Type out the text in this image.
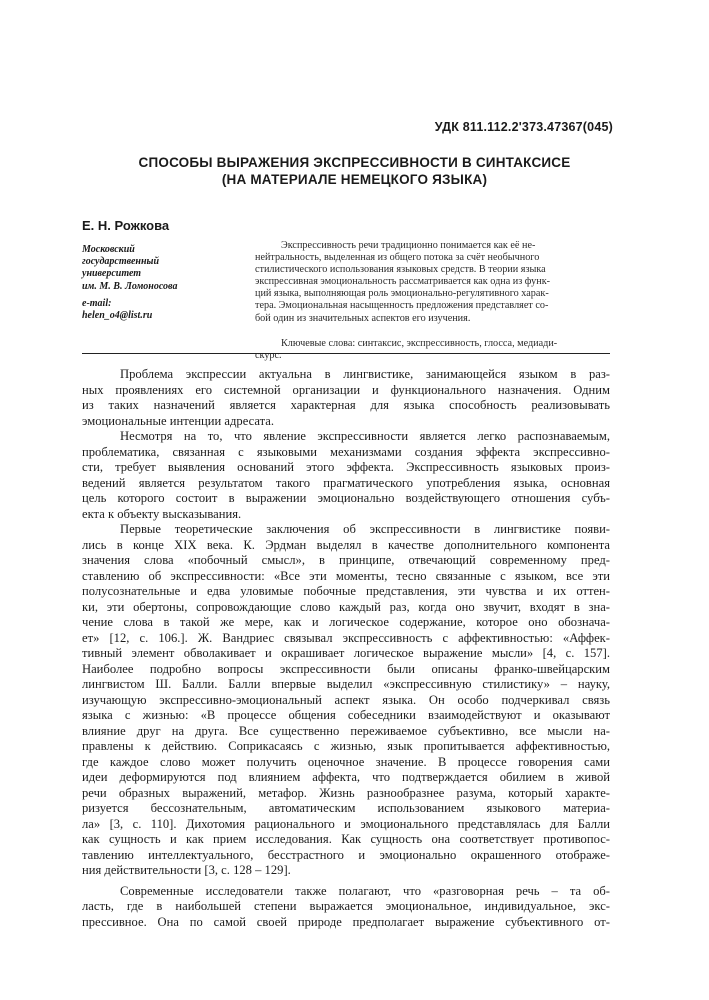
УДК 811.112.2'373.47367(045)
СПОСОБЫ ВЫРАЖЕНИЯ ЭКСПРЕССИВНОСТИ В СИНТАКСИСЕ
(НА МАТЕРИАЛЕ НЕМЕЦКОГО ЯЗЫКА)
Е. Н. Рожкова
Московский
государственный
университет
им. М. В. Ломоносова
e-mail:
helen_o4@list.ru

Экспрессивность речи традиционно понимается как её не-

нейтральность, выделенная из общего потока за счёт необычного

стилистического использования языковых средств. В теории языка

экспрессивная эмоциональность рассматривается как одна из функ-

ций языка, выполняющая роль эмоционально-регулятивного харак-

тера. Эмоциональная насыщенность предложения представляет со-

бой один из значительных аспектов его изучения.

Ключевые слова: синтаксис, экспрессивность, глосса, медиади-

скурс.

Проблема экспрессии актуальна в лингвистике, занимающейся языком в раз-
ных проявлениях его системной организации и функционального назначения. Одним
из таких назначений является характерная для языка способность реализовывать
эмоциональные интенции адресата.
Несмотря на то, что явление экспрессивности является легко распознаваемым,
проблематика, связанная с языковыми механизмами создания эффекта экспрессивно-
сти, требует выявления оснований этого эффекта. Экспрессивность языковых произ-
ведений является результатом такого прагматического употребления языка, основная
цель которого состоит в выражении эмоционально воздействующего отношения субъ-
екта к объекту высказывания.
Первые теоретические заключения об экспрессивности в лингвистике появи-
лись в конце XIX века. К. Эрдман выделял в качестве дополнительного компонента
значения слова «побочный смысл», в принципе, отвечающий современному пред-
ставлению об экспрессивности: «Все эти моменты, тесно связанные с языком, все эти
полусознательные и едва уловимые побочные представления, эти чувства и их оттен-
ки, эти обертоны, сопровождающие слово каждый раз, когда оно звучит, входят в зна-
чение слова в такой же мере, как и логическое содержание, которое оно обознача-
ет» [12, с. 106.]. Ж. Вандриес связывал экспрессивность с аффективностью: «Аффек-
тивный элемент обволакивает и окрашивает логическое выражение мысли» [4, с. 157].
Наиболее подробно вопросы экспрессивности были описаны франко-швейцарским
лингвистом Ш. Балли. Балли впервые выделил «экспрессивную стилистику» – науку,
изучающую экспрессивно-эмоциональный аспект языка. Он особо подчеркивал связь
языка с жизнью: «В процессе общения собеседники взаимодействуют и оказывают
влияние друг на друга. Все существенно переживаемое субъективно, все мысли на-
правлены к действию. Соприкасаясь с жизнью, язык пропитывается аффективностью,
где каждое слово может получить оценочное значение. В процессе говорения сами
идеи деформируются под влиянием аффекта, что подтверждается обилием в живой
речи образных выражений, метафор. Жизнь разнообразнее разума, который характе-
ризуется бессознательным, автоматическим использованием языкового материа-
ла» [3, с. 110]. Дихотомия рационального и эмоционального представлялась для Балли
как сущность и как прием исследования. Как сущность она соответствует противопос-
тавлению интеллектуального, бесстрастного и эмоционально окрашенного отображе-
ния действительности [3, с. 128 – 129].
Современные исследователи также полагают, что «разговорная речь – та об-
ласть, где в наибольшей степени выражается эмоциональное, индивидуальное, экс-
прессивное. Она по самой своей природе предполагает выражение субъективного от-
